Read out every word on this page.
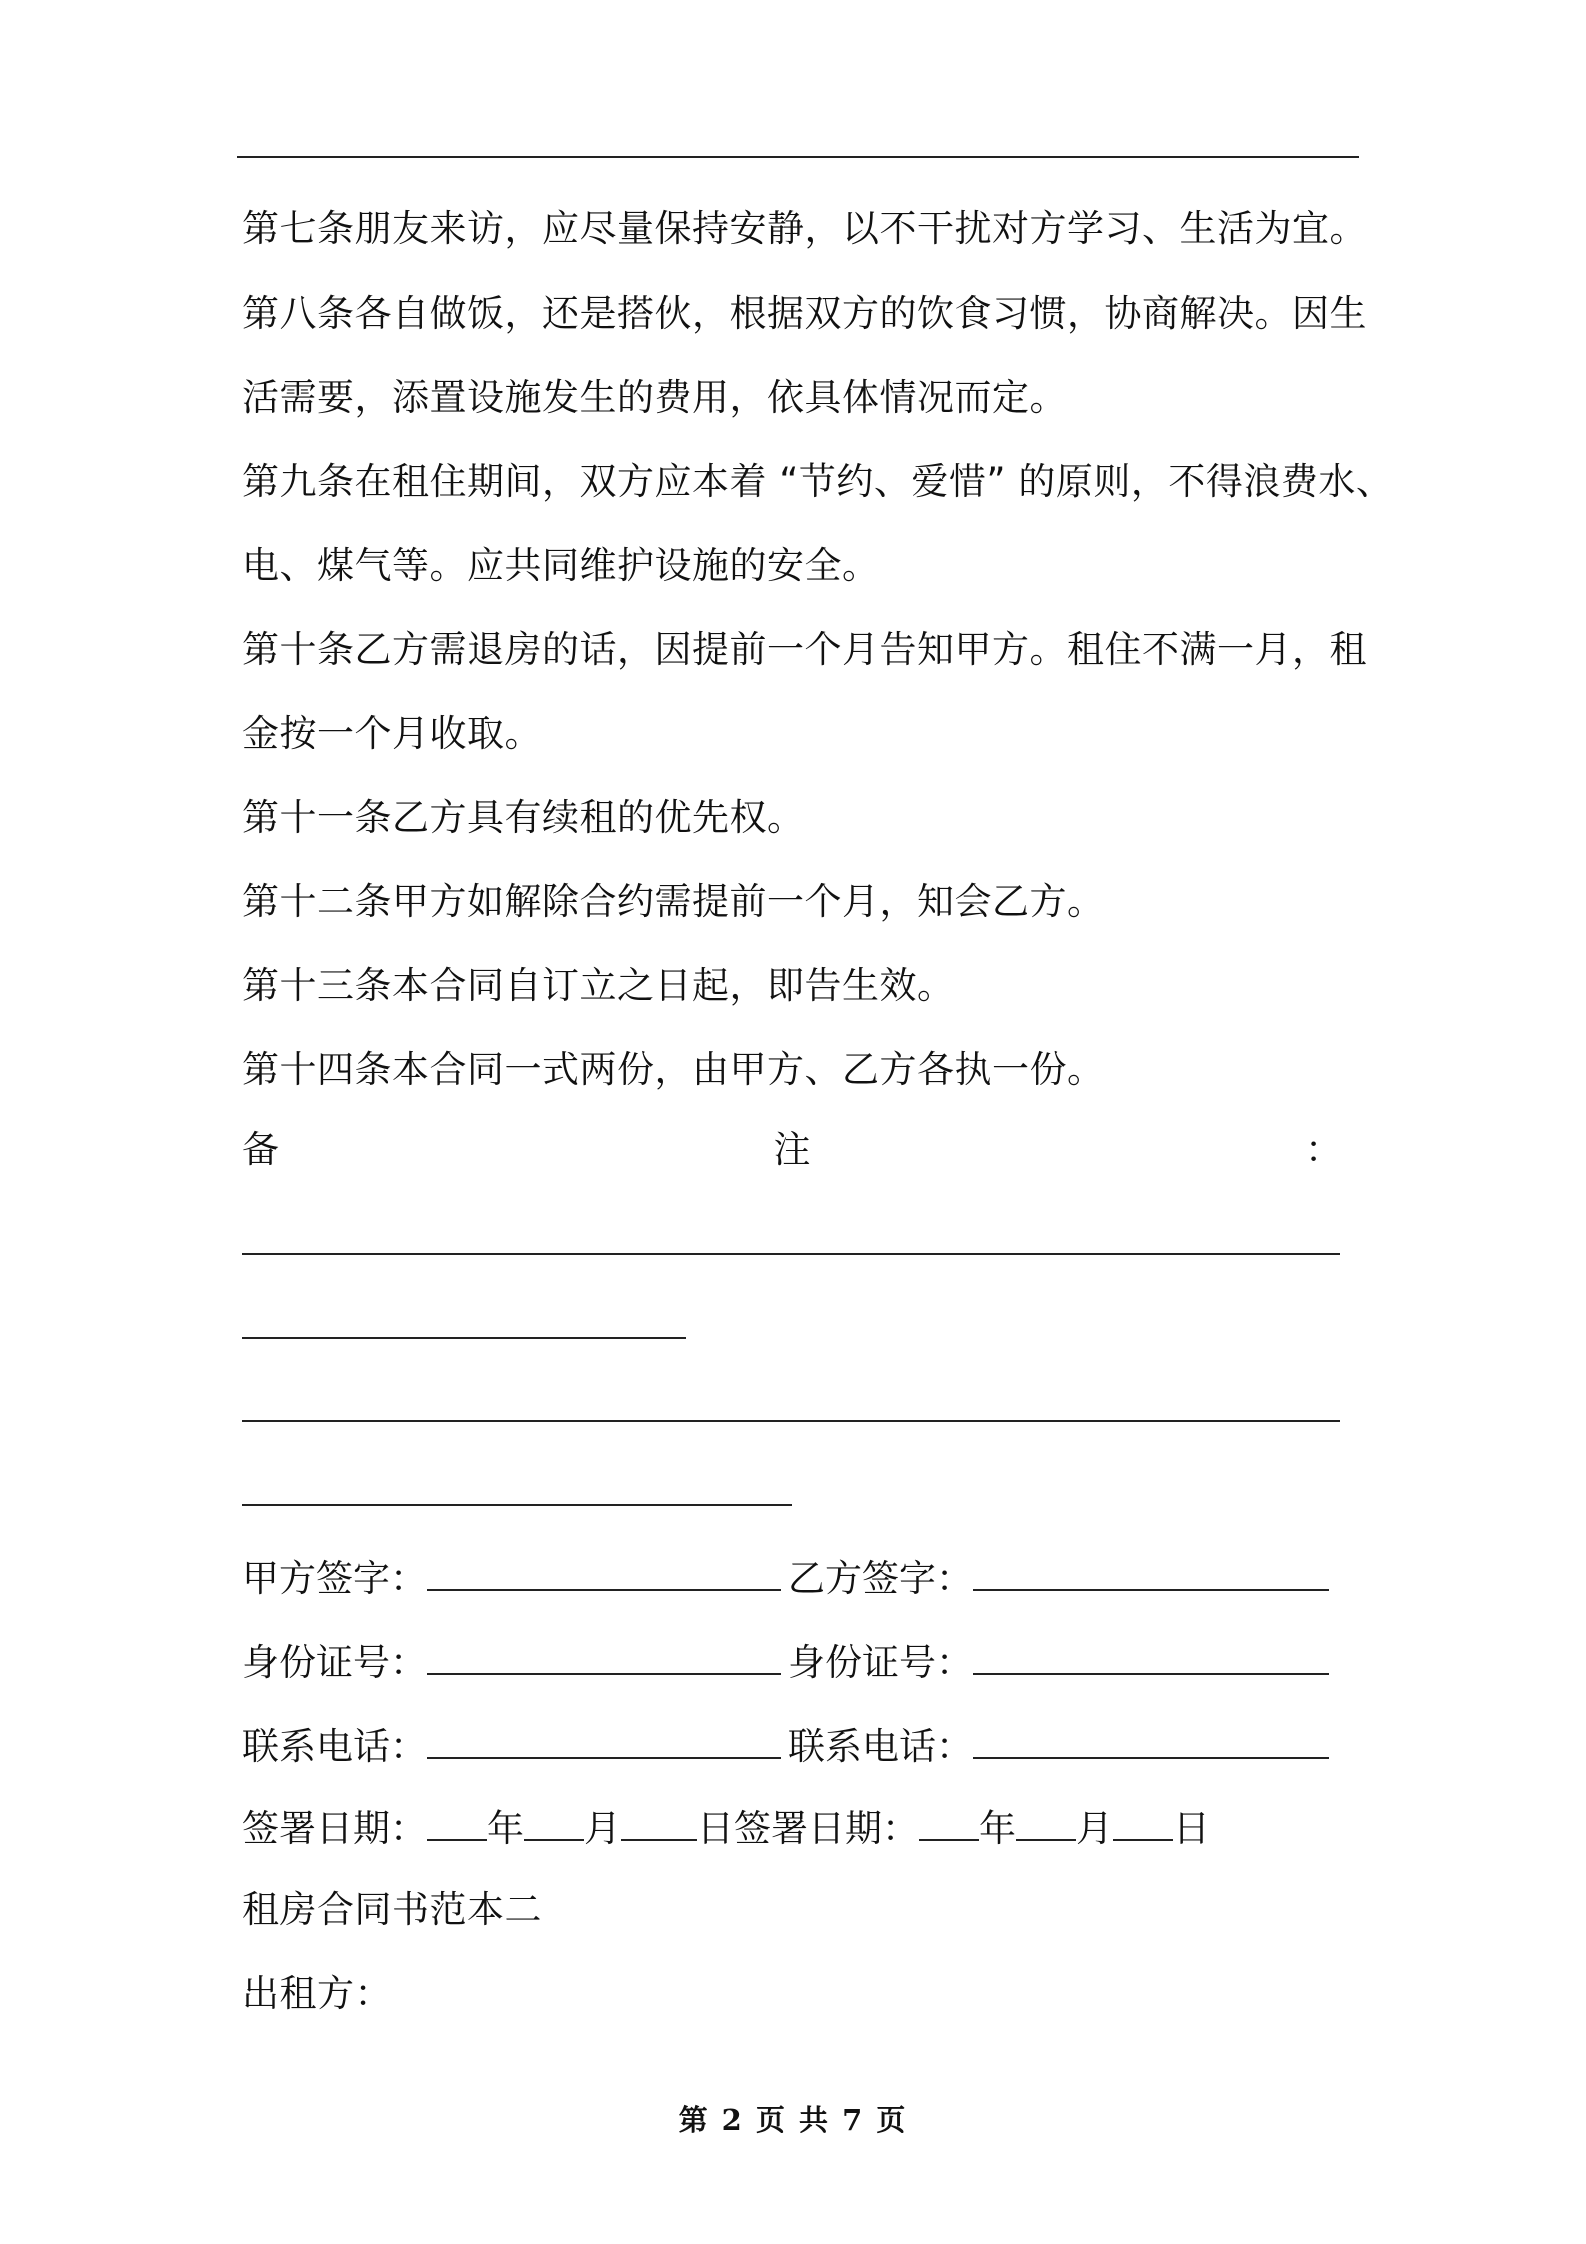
第七条朋友来访，应尽量保持安静，以不干扰对方学习、生活为宜。
第八条各自做饭，还是搭伙，根据双方的饮食习惯，协商解决。因生
活需要，添置设施发生的费用，依具体情况而定。
第九条在租住期间，双方应本着 “节约、爱惜” 的原则，不得浪费水、
电、煤气等。应共同维护设施的安全。
第十条乙方需退房的话，因提前一个月告知甲方。租住不满一月，租
金按一个月收取。
第十一条乙方具有续租的优先权。
第十二条甲方如解除合约需提前一个月，知会乙方。
第十三条本合同自订立之日起，即告生效。
第十四条本合同一式两份，由甲方、乙方各执一份。
备	注	：
甲方签字：	乙方签字：
身份证号：	身份证号：
联系电话：	联系电话：
签署日期： 年 月 日签署日期： 年 月 日
租房合同书范本二
出租方：
第 2 页 共 7 页
